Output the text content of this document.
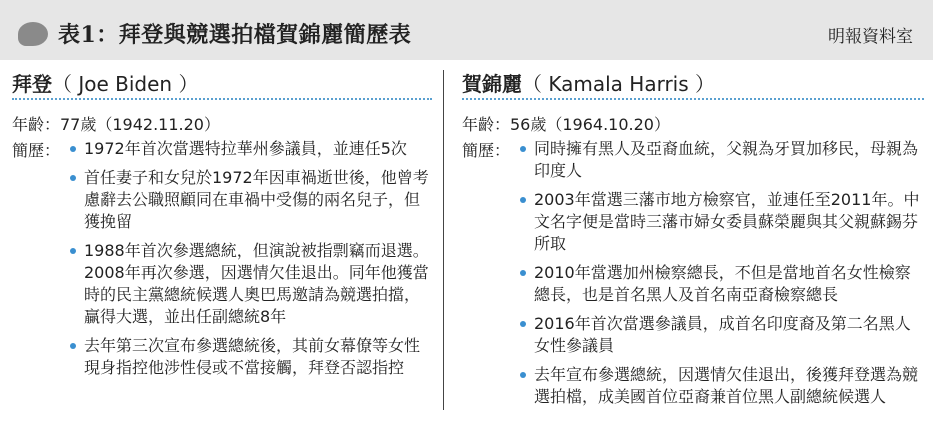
表1：拜登與競選拍檔賀錦麗簡歷表	明報資料室
拜登（ Joe Biden ）
年齡：77歲（1942.11.20）
簡歷：	1972年首次當選特拉華州參議員，並連任5次
首任妻子和女兒於1972年因車禍逝世後，他曾考慮辭去公職照顧同在車禍中受傷的兩名兒子，但獲挽留
1988年首次參選總統，但演說被指剽竊而退選。2008年再次參選，因選情欠佳退出。同年他獲當時的民主黨總統候選人奧巴馬邀請為競選拍擋，贏得大選，並出任副總統8年
去年第三次宣布參選總統後，其前女幕僚等女性現身指控他涉性侵或不當接觸，拜登否認指控
賀錦麗（ Kamala Harris ）
年齡：56歲（1964.10.20）
簡歷：	同時擁有黑人及亞裔血統，父親為牙買加移民，母親為印度人
2003年當選三藩市地方檢察官，並連任至2011年。中文名字便是當時三藩市婦女委員蘇榮麗與其父親蘇錫芬所取
2010年當選加州檢察總長，不但是當地首名女性檢察總長，也是首名黑人及首名南亞裔檢察總長
2016年首次當選參議員，成首名印度裔及第二名黑人女性參議員
去年宣布參選總統，因選情欠佳退出，後獲拜登選為競選拍檔，成美國首位亞裔兼首位黑人副總統候選人
